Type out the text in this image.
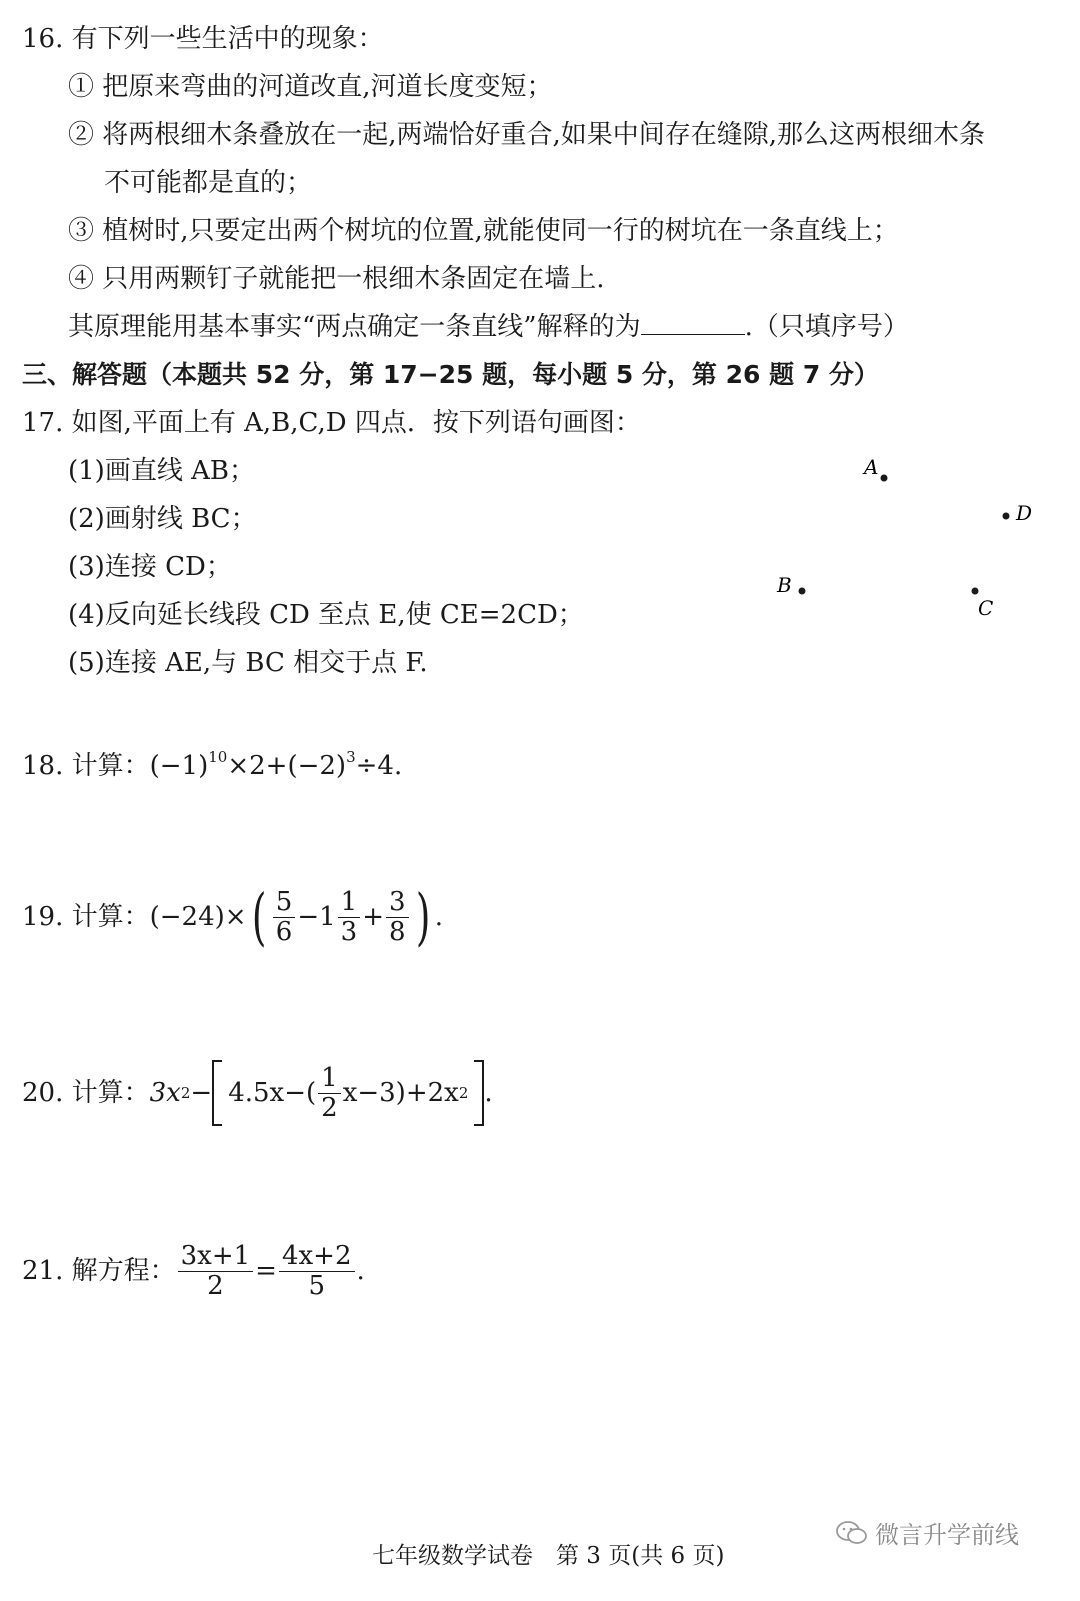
16. 有下列一些生活中的现象：
① 把原来弯曲的河道改直,河道长度变短；
② 将两根细木条叠放在一起,两端恰好重合,如果中间存在缝隙,那么这两根细木条
不可能都是直的；
③ 植树时,只要定出两个树坑的位置,就能使同一行的树坑在一条直线上；
④ 只用两颗钉子就能把一根细木条固定在墙上.
其原理能用基本事实“两点确定一条直线”解释的为	.（只填序号）
三、解答题（本题共 52 分，第 17−25 题，每小题 5 分，第 26 题 7 分）
17. 如图,平面上有 A,B,C,D 四点．按下列语句画图：
(1)画直线 AB；
(2)画射线 BC；
(3)连接 CD；
(4)反向延长线段 CD 至点 E,使 CE=2CD；
(5)连接 AE,与 BC 相交于点 F.
A
D
B
C
18. 计算：$(-1)^{10}\times 2+(-2)^3\div 4$.
19. 计算： (−24)× ( $\frac{5}{6} -1 \frac{1}{3} + \frac{3}{8}$ ) .
20. 计算： 3x $2 - 4.5x-( \frac{1}{2} x-3)+2x$ 2 .
21. 解方程： $\frac{3x+1}{2} = \frac{4x+2}{5}$ .
微言升学前线
七年级数学试卷　第 3 页(共 6 页)
